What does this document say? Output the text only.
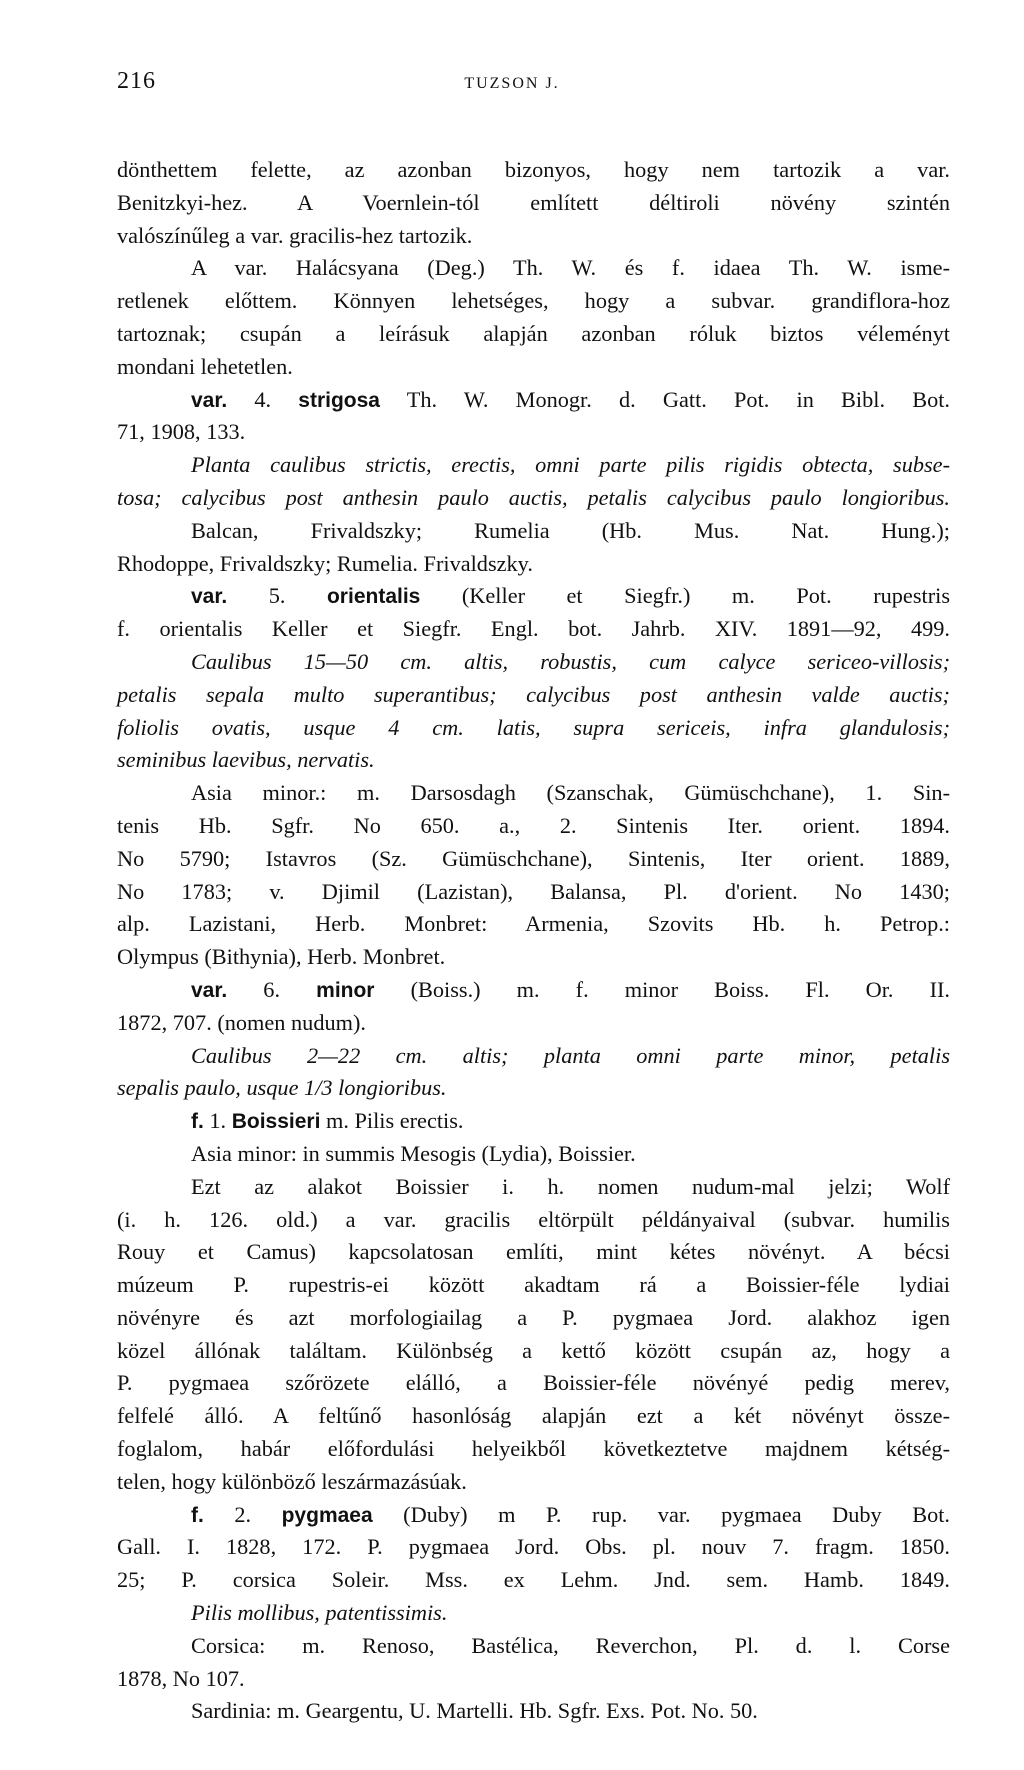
216	TUZSON J.
dönthettem felette, az azonban bizonyos, hogy nem tartozik a var.
Benitzkyi-hez. A Voernlein-tól említett déltiroli növény szintén
valószínűleg a var. gracilis-hez tartozik.
A var. Halácsyana (Deg.) Th. W. és f. idaea Th. W. isme-
retlenek előttem. Könnyen lehetséges, hogy a subvar. grandiflora-hoz
tartoznak; csupán a leírásuk alapján azonban róluk biztos véleményt
mondani lehetetlen.
var. 4. strigosa Th. W. Monogr. d. Gatt. Pot. in Bibl. Bot.
71, 1908, 133.
Planta caulibus strictis, erectis, omni parte pilis rigidis obtecta, subse-
tosa; calycibus post anthesin paulo auctis, petalis calycibus paulo longioribus.
Balcan, Frivaldszky; Rumelia (Hb. Mus. Nat. Hung.);
Rhodoppe, Frivaldszky; Rumelia. Frivaldszky.
var. 5. orientalis (Keller et Siegfr.) m. Pot. rupestris
f. orientalis Keller et Siegfr. Engl. bot. Jahrb. XIV. 1891—92, 499.
Caulibus 15—50 cm. altis, robustis, cum calyce sericeo-villosis;
petalis sepala multo superantibus; calycibus post anthesin valde auctis;
foliolis ovatis, usque 4 cm. latis, supra sericeis, infra glandulosis;
seminibus laevibus, nervatis.
Asia minor.: m. Darsosdagh (Szanschak, Gümüschchane), 1. Sin-
tenis Hb. Sgfr. No 650. a., 2. Sintenis Iter. orient. 1894.
No 5790; Istavros (Sz. Gümüschchane), Sintenis, Iter orient. 1889,
No 1783; v. Djimil (Lazistan), Balansa, Pl. d'orient. No 1430;
alp. Lazistani, Herb. Monbret: Armenia, Szovits Hb. h. Petrop.:
Olympus (Bithynia), Herb. Monbret.
var. 6. minor (Boiss.) m. f. minor Boiss. Fl. Or. II.
1872, 707. (nomen nudum).
Caulibus 2—22 cm. altis; planta omni parte minor, petalis
sepalis paulo, usque 1/3 longioribus.
f. 1. Boissieri m. Pilis erectis.
Asia minor: in summis Mesogis (Lydia), Boissier.
Ezt az alakot Boissier i. h. nomen nudum-mal jelzi; Wolf
(i. h. 126. old.) a var. gracilis eltörpült példányaival (subvar. humilis
Rouy et Camus) kapcsolatosan említi, mint kétes növényt. A bécsi
múzeum P. rupestris-ei között akadtam rá a Boissier-féle lydiai
növényre és azt morfologiailag a P. pygmaea Jord. alakhoz igen
közel állónak találtam. Különbség a kettő között csupán az, hogy a
P. pygmaea szőrözete elálló, a Boissier-féle növényé pedig merev,
felfelé álló. A feltűnő hasonlóság alapján ezt a két növényt össze-
foglalom, habár előfordulási helyeikből következtetve majdnem kétség-
telen, hogy különböző leszármazásúak.
f. 2. pygmaea (Duby) m P. rup. var. pygmaea Duby Bot.
Gall. I. 1828, 172. P. pygmaea Jord. Obs. pl. nouv 7. fragm. 1850.
25; P. corsica Soleir. Mss. ex Lehm. Jnd. sem. Hamb. 1849.
Pilis mollibus, patentissimis.
Corsica: m. Renoso, Bastélica, Reverchon, Pl. d. l. Corse
1878, No 107.
Sardinia: m. Geargentu, U. Martelli. Hb. Sgfr. Exs. Pot. No. 50.
